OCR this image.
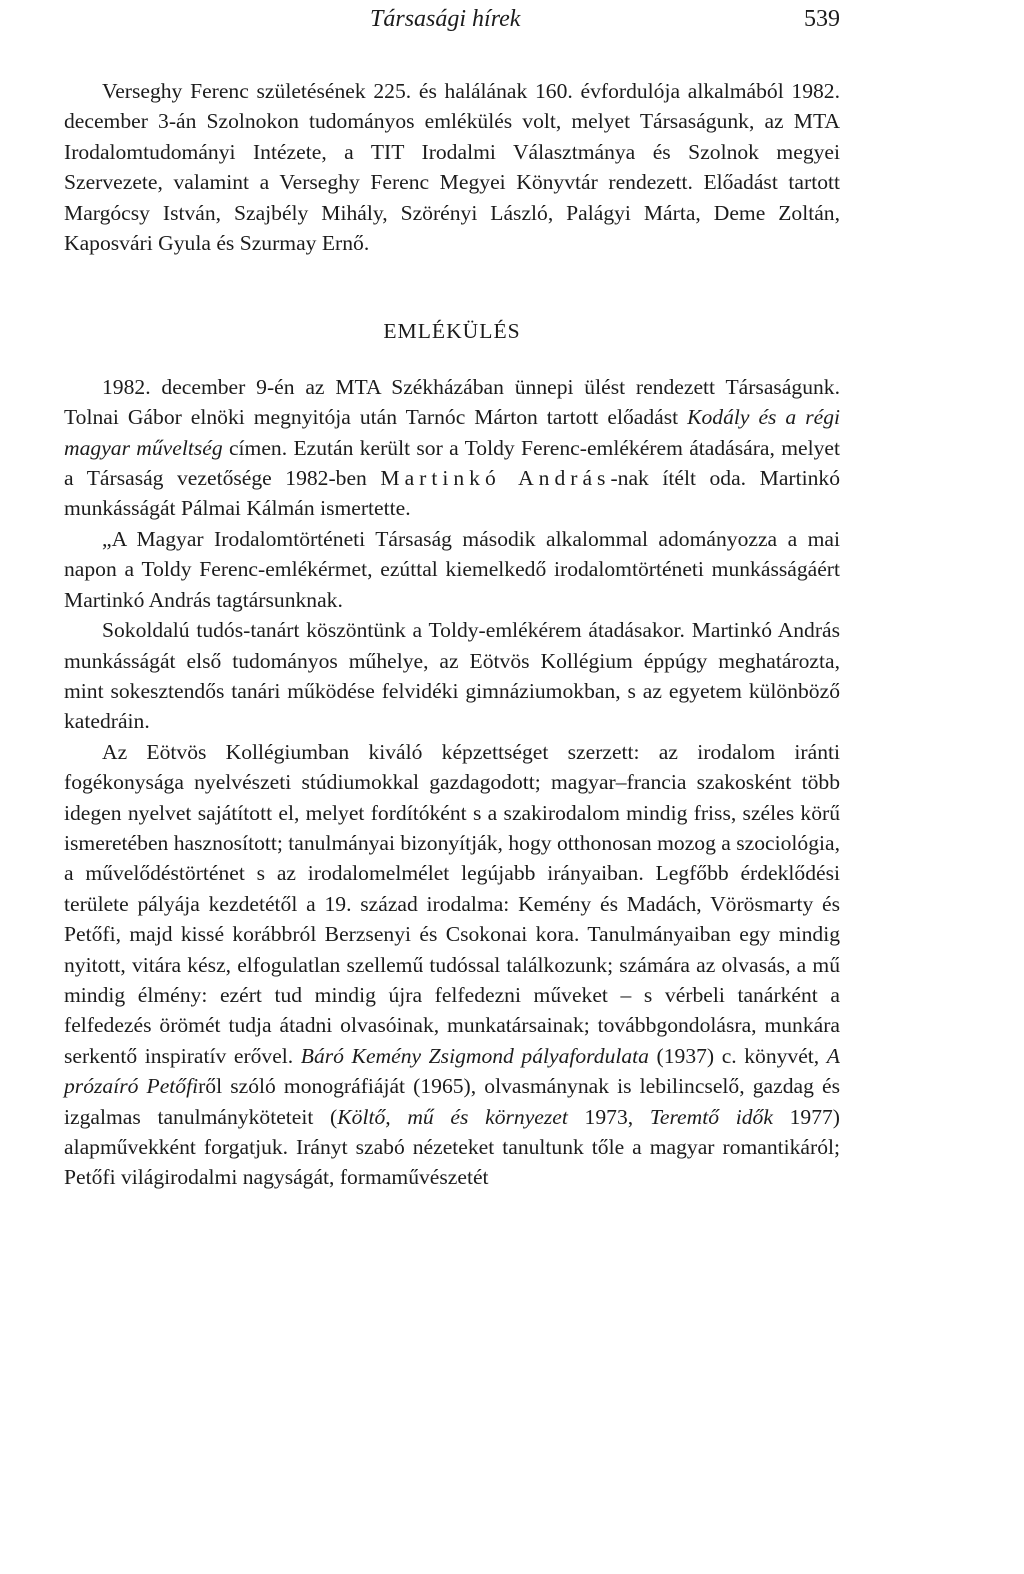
Társasági hírek	539

Verseghy Ferenc születésének 225. és halálának 160. évfordulója alkalmából 1982. december 3-án Szolnokon tudományos emlékülés volt, melyet Társaságunk, az MTA Irodalomtudományi Intézete, a TIT Irodalmi Választmánya és Szolnok megyei Szervezete, valamint a Verseghy Ferenc Megyei Könyvtár rendezett. Előadást tartott Margócsy István, Szajbély Mihály, Szörényi László, Palágyi Márta, Deme Zoltán, Kaposvári Gyula és Szurmay Ernő.

EMLÉKÜLÉS

1982. december 9-én az MTA Székházában ünnepi ülést rendezett Társaságunk. Tolnai Gábor elnöki megnyitója után Tarnóc Márton tartott előadást Kodály és a régi magyar műveltség címen. Ezután került sor a Toldy Ferenc-emlékérem átadására, melyet a Társaság vezetősége 1982-ben Martinkó András-nak ítélt oda. Martinkó munkásságát Pálmai Kálmán ismertette.

„A Magyar Irodalomtörténeti Társaság második alkalommal adományozza a mai napon a Toldy Ferenc-emlékérmet, ezúttal kiemelkedő irodalomtörténeti munkásságáért Martinkó András tagtársunknak.

Sokoldalú tudós-tanárt köszöntünk a Toldy-emlékérem átadásakor. Martinkó András munkásságát első tudományos műhelye, az Eötvös Kollégium éppúgy meghatározta, mint sokesztendős tanári működése felvidéki gimnáziumokban, s az egyetem különböző katedráin.

Az Eötvös Kollégiumban kiváló képzettséget szerzett: az irodalom iránti fogékonysága nyelvészeti stúdiumokkal gazdagodott; magyar–francia szakosként több idegen nyelvet sajátított el, melyet fordítóként s a szakirodalom mindig friss, széles körű ismeretében hasznosított; tanulmányai bizonyítják, hogy otthonosan mozog a szociológia, a művelődéstörténet s az irodalomelmélet legújabb irányaiban. Legfőbb érdeklődési területe pályája kezdetétől a 19. század irodalma: Kemény és Madách, Vörösmarty és Petőfi, majd kissé korábbról Berzsenyi és Csokonai kora. Tanulmányaiban egy mindig nyitott, vitára kész, elfogulatlan szellemű tudóssal találkozunk; számára az olvasás, a mű mindig élmény: ezért tud mindig újra felfedezni műveket – s vérbeli tanárként a felfedezés örömét tudja átadni olvasóinak, munkatársainak; továbbgondolásra, munkára serkentő inspiratív erővel. Báró Kemény Zsigmond pályafordulata (1937) c. könyvét, A prózaíró Petőfiről szóló monográfiáját (1965), olvasmánynak is lebilincselő, gazdag és izgalmas tanulmányköteteit (Költő, mű és környezet 1973, Teremtő idők 1977) alapművekként forgatjuk. Irányt szabó nézeteket tanultunk tőle a magyar romantikáról; Petőfi világirodalmi nagyságát, formaművészetét
